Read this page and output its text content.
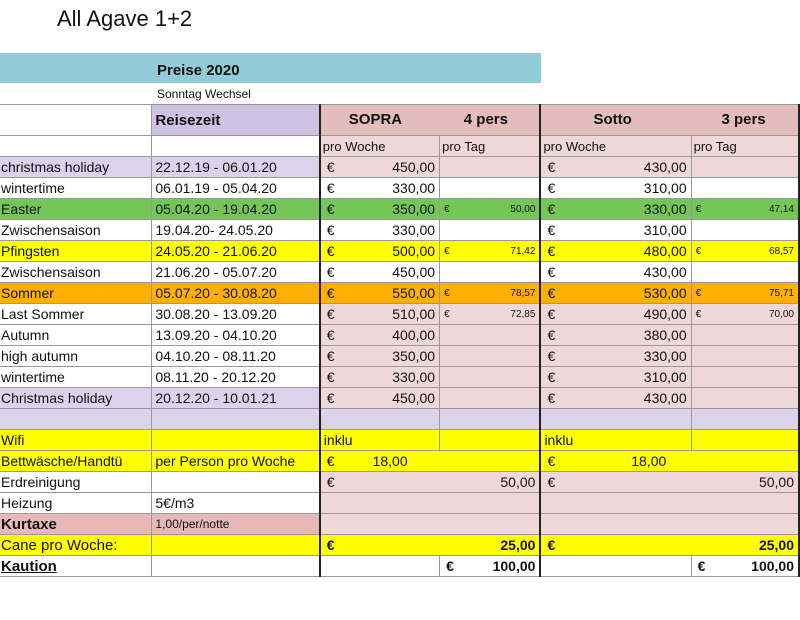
All Agave 1+2
Preise 2020
Sonntag Wechsel
	Reisezeit	SOPRA 4 pers		Sotto 3 pers	

		pro Woche	pro Tag	pro Woche	pro Tag
christmas holiday	22.12.19 - 06.01.20	€ 450,00		€ 430,00	

wintertime	06.01.19 - 05.04.20	€ 330,00		€ 310,00	

Easter	05.04.20 - 19.04.20	€ 350,00	€ 50,00	€ 330,00	€ 47,14

Zwischensaison	19.04.20- 24.05.20	€ 330,00		€ 310,00	

Pfingsten	24.05.20 - 21.06.20	€ 500,00	€ 71,42	€ 480,00	€ 68,57

Zwischensaison	21.06.20 - 05.07.20	€ 450,00		€ 430,00	

Sommer	05.07.20 - 30.08.20	€ 550,00	€ 78,57	€ 530,00	€ 75,71

Last Sommer	30.08.20 - 13.09.20	€ 510,00	€ 72,85	€ 490,00	€ 70,00

Autumn	13.09.20 - 04.10.20	€ 400,00		€ 380,00	

high autumn	04.10.20 - 08.11.20	€ 350,00		€ 330,00	

wintertime	08.11.20 - 20.12.20	€ 330,00		€ 310,00	

Christmas holiday	20.12.20 - 10.01.21	€ 450,00		€ 430,00	

Wifi		inklu		inklu	
Bettwäsche/Handtü	per Person pro Woche	€ 18,00		€ 18,00	

Erdreinigung		€ 50,00		€ 50,00	

Heizung	5€/m3				
Kurtaxe	1,00/per/notte				
Cane pro Woche:		€ 25,00		€ 25,00	

Kaution			€ 100,00		€ 100,00
